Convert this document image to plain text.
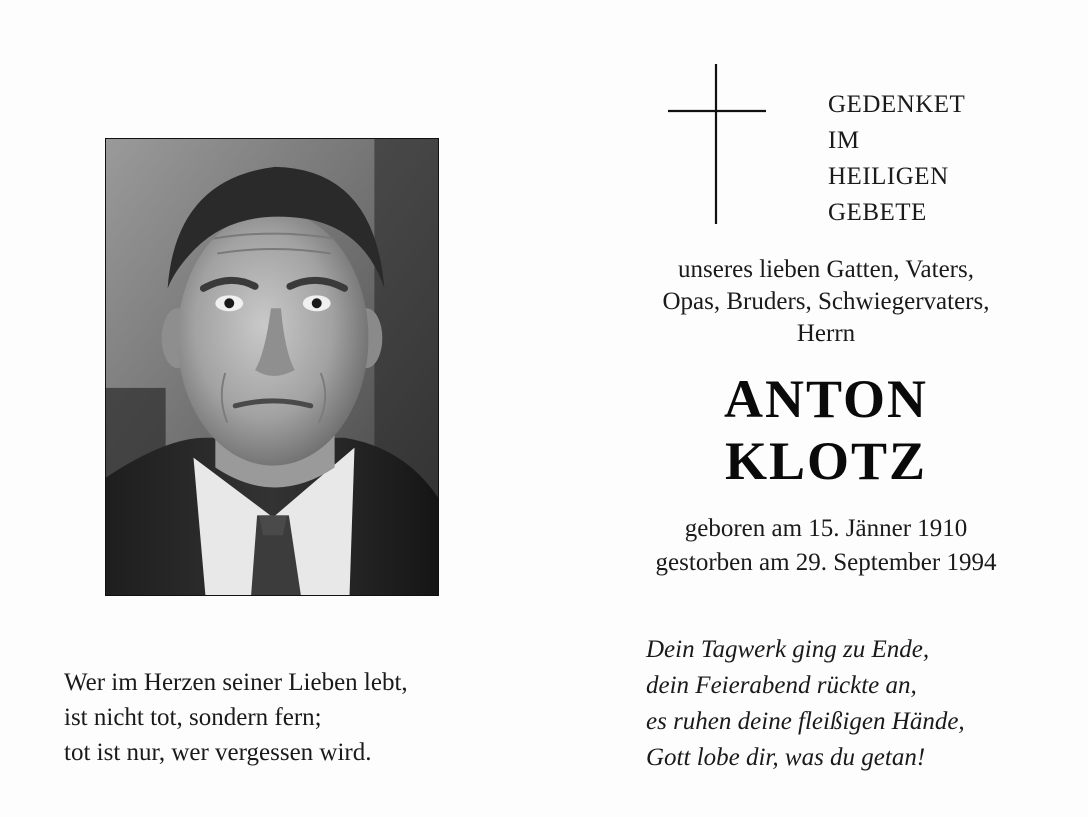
Wer im Herzen seiner Lieben lebt,
ist nicht tot, sondern fern;
tot ist nur, wer vergessen wird.
GEDENKET
IM
HEILIGEN
GEBETE
unseres lieben Gatten, Vaters,
Opas, Bruders, Schwiegervaters,
Herrn
ANTON
KLOTZ
geboren am 15. Jänner 1910
gestorben am 29. September 1994
Dein Tagwerk ging zu Ende,
dein Feierabend rückte an,
es ruhen deine fleißigen Hände,
Gott lobe dir, was du getan!
